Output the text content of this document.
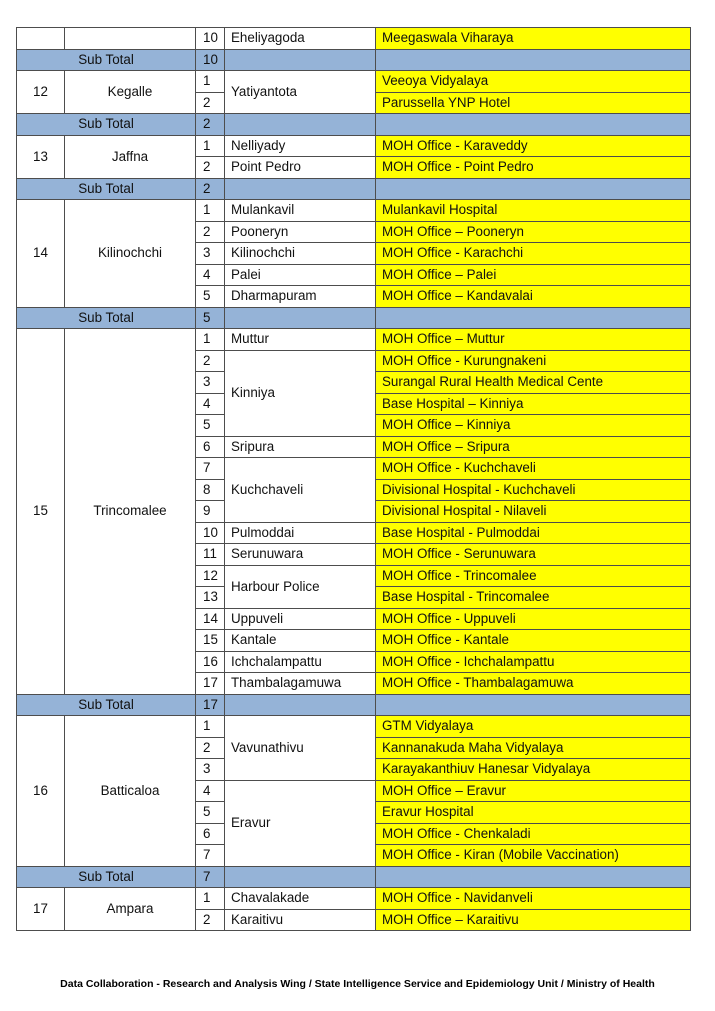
		10	Eheliyagoda	Meegaswala Viharaya
Sub Total		10		
12	Kegalle	1	Yatiyantota	Veeoya Vidyalaya
		2		Parussella YNP Hotel
Sub Total		2		
13	Jaffna	1	Nelliyady	MOH Office - Karaveddy
		2	Point Pedro	MOH Office - Point Pedro
Sub Total		2		
14	Kilinochchi	1	Mulankavil	Mulankavil Hospital
		2	Pooneryn	MOH Office – Pooneryn
		3	Kilinochchi	MOH Office - Karachchi
		4	Palei	MOH Office – Palei
		5	Dharmapuram	MOH Office – Kandavalai
Sub Total		5		
15	Trincomalee	1	Muttur	MOH Office – Muttur
		2	Kinniya	MOH Office - Kurungnakeni
		3		Surangal Rural Health Medical Cente
		4		Base Hospital – Kinniya
		5		MOH Office – Kinniya
		6	Sripura	MOH Office – Sripura
		7	Kuchchaveli	MOH Office - Kuchchaveli
		8		Divisional Hospital - Kuchchaveli
		9		Divisional Hospital - Nilaveli
		10	Pulmoddai	Base Hospital - Pulmoddai
		11	Serunuwara	MOH Office - Serunuwara
		12	Harbour Police	MOH Office - Trincomalee
		13		Base Hospital - Trincomalee
		14	Uppuveli	MOH Office - Uppuveli
		15	Kantale	MOH Office - Kantale
		16	Ichchalampattu	MOH Office - Ichchalampattu
		17	Thambalagamuwa	MOH Office - Thambalagamuwa
Sub Total		17		
16	Batticaloa	1	Vavunathivu	GTM Vidyalaya
		2		Kannanakuda Maha Vidyalaya
		3		Karayakanthiuv Hanesar Vidyalaya
		4	Eravur	MOH Office – Eravur
		5		Eravur Hospital
		6		MOH Office - Chenkaladi
		7		MOH Office - Kiran (Mobile Vaccination)
Sub Total		7		
17	Ampara	1	Chavalakade	MOH Office - Navidanveli
		2	Karaitivu	MOH Office – Karaitivu
Data Collaboration - Research and Analysis Wing / State Intelligence Service and Epidemiology Unit / Ministry of Health
